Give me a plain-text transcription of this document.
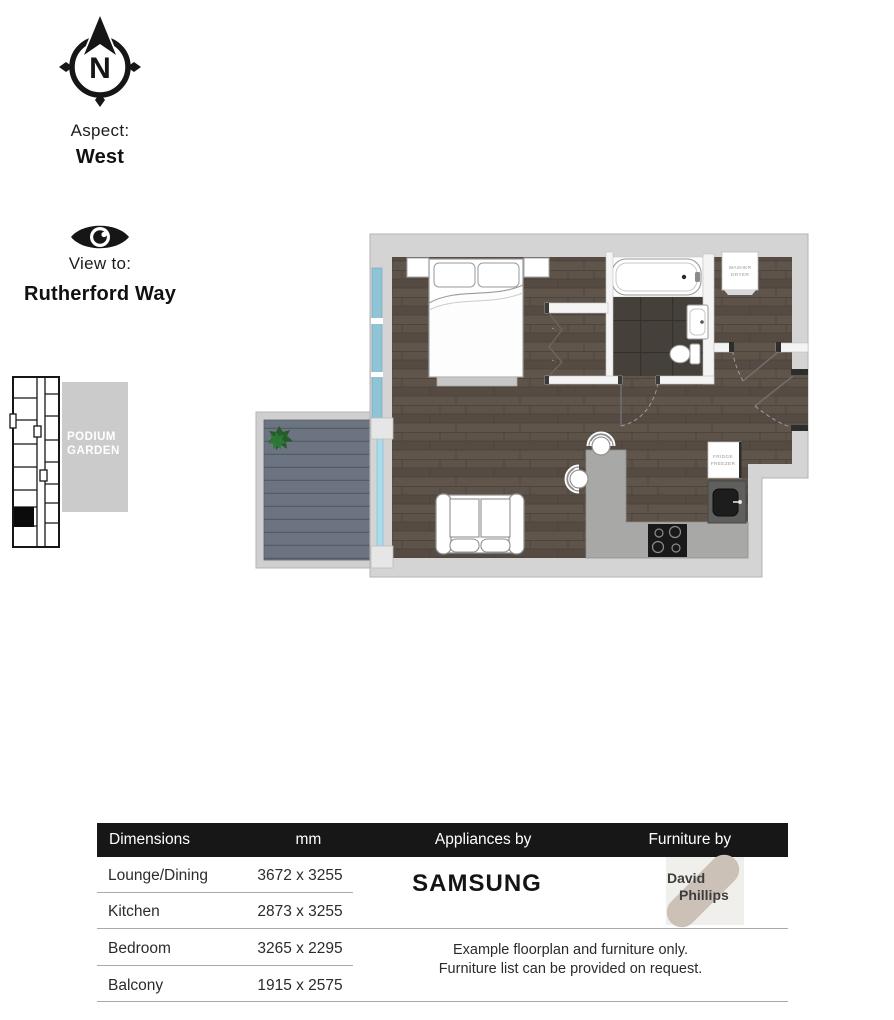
N
Aspect:
West
View to:
Rutherford Way
PODIUM
GARDEN
WASHER
DRYER
FRIDGE
FREEZER
Dimensions	mm	Appliances by	Furniture by
Lounge/Dining	3672 x 3255
Kitchen	2873 x 3255
Bedroom	3265 x 2295
Balcony	1915 x 2575
SAMSUNG
Example floorplan and furniture only.
Furniture list can be provided on request.
David
Phillips
